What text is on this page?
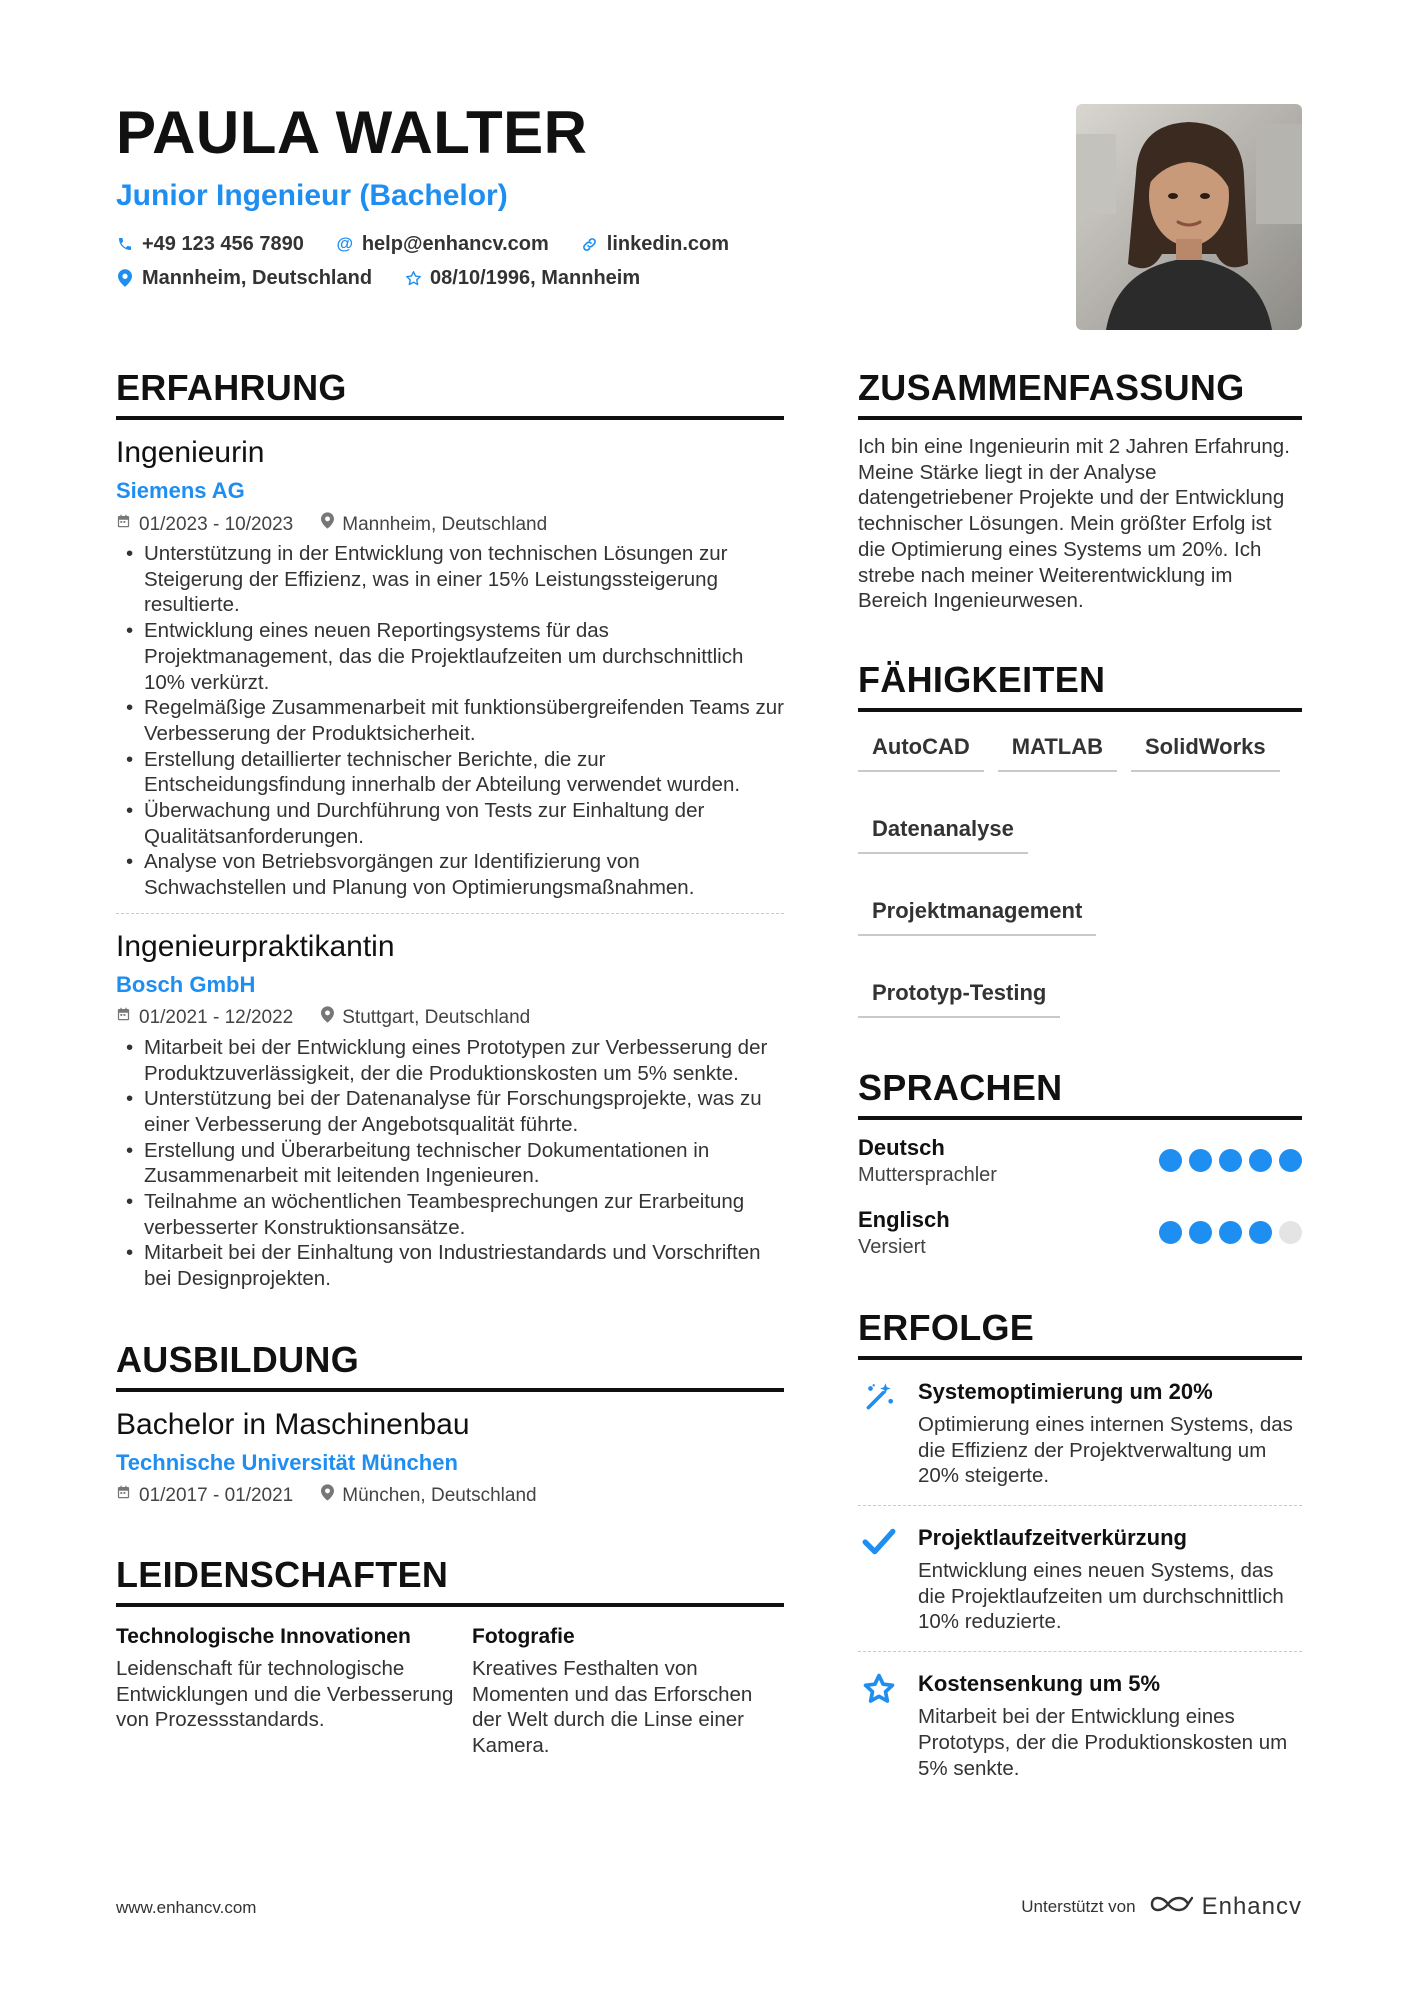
PAULA WALTER
Junior Ingenieur (Bachelor)
+49 123 456 7890 @ help@enhancv.com	linkedin.com
Mannheim, Deutschland	08/10/1996, Mannheim
ERFAHRUNG
Ingenieurin
Siemens AG
01/2023 - 10/2023	Mannheim, Deutschland
• Unterstützung in der Entwicklung von technischen Lösungen zur Steigerung der Effizienz, was in einer 15% Leistungssteigerung resultierte.
• Entwicklung eines neuen Reportingsystems für das Projektmanagement, das die Projektlaufzeiten um durchschnittlich 10% verkürzt.
• Regelmäßige Zusammenarbeit mit funktionsübergreifenden Teams zur Verbesserung der Produktsicherheit.
• Erstellung detaillierter technischer Berichte, die zur Entscheidungsfindung innerhalb der Abteilung verwendet wurden.
• Überwachung und Durchführung von Tests zur Einhaltung der Qualitätsanforderungen.
• Analyse von Betriebsvorgängen zur Identifizierung von Schwachstellen und Planung von Optimierungsmaßnahmen.
Ingenieurpraktikantin
Bosch GmbH
01/2021 - 12/2022	Stuttgart, Deutschland
• Mitarbeit bei der Entwicklung eines Prototypen zur Verbesserung der Produktzuverlässigkeit, der die Produktionskosten um 5% senkte.
• Unterstützung bei der Datenanalyse für Forschungsprojekte, was zu einer Verbesserung der Angebotsqualität führte.
• Erstellung und Überarbeitung technischer Dokumentationen in Zusammenarbeit mit leitenden Ingenieuren.
• Teilnahme an wöchentlichen Teambesprechungen zur Erarbeitung verbesserter Konstruktionsansätze.
• Mitarbeit bei der Einhaltung von Industriestandards und Vorschriften bei Designprojekten.
AUSBILDUNG
Bachelor in Maschinenbau
Technische Universität München
01/2017 - 01/2021	München, Deutschland
LEIDENSCHAFTEN
Technologische Innovationen
Leidenschaft für technologische Entwicklungen und die Verbesserung von Prozessstandards.
Fotografie
Kreatives Festhalten von Momenten und das Erforschen der Welt durch die Linse einer Kamera.
ZUSAMMENFASSUNG
Ich bin eine Ingenieurin mit 2 Jahren Erfahrung. Meine Stärke liegt in der Analyse datengetriebener Projekte und der Entwicklung technischer Lösungen. Mein größter Erfolg ist die Optimierung eines Systems um 20%. Ich strebe nach meiner Weiterentwicklung im Bereich Ingenieurwesen.
FÄHIGKEITEN
AutoCAD	MATLAB	SolidWorks
Datenanalyse
Projektmanagement
Prototyp-Testing
SPRACHEN
Deutsch
Muttersprachler
Englisch
Versiert
ERFOLGE
Systemoptimierung um 20%
Optimierung eines internen Systems, das die Effizienz der Projektverwaltung um 20% steigerte.
Projektlaufzeitverkürzung
Entwicklung eines neuen Systems, das die Projektlaufzeiten um durchschnittlich 10% reduzierte.
Kostensenkung um 5%
Mitarbeit bei der Entwicklung eines Prototyps, der die Produktionskosten um 5% senkte.
www.enhancv.com	Unterstützt von	Enhancv
